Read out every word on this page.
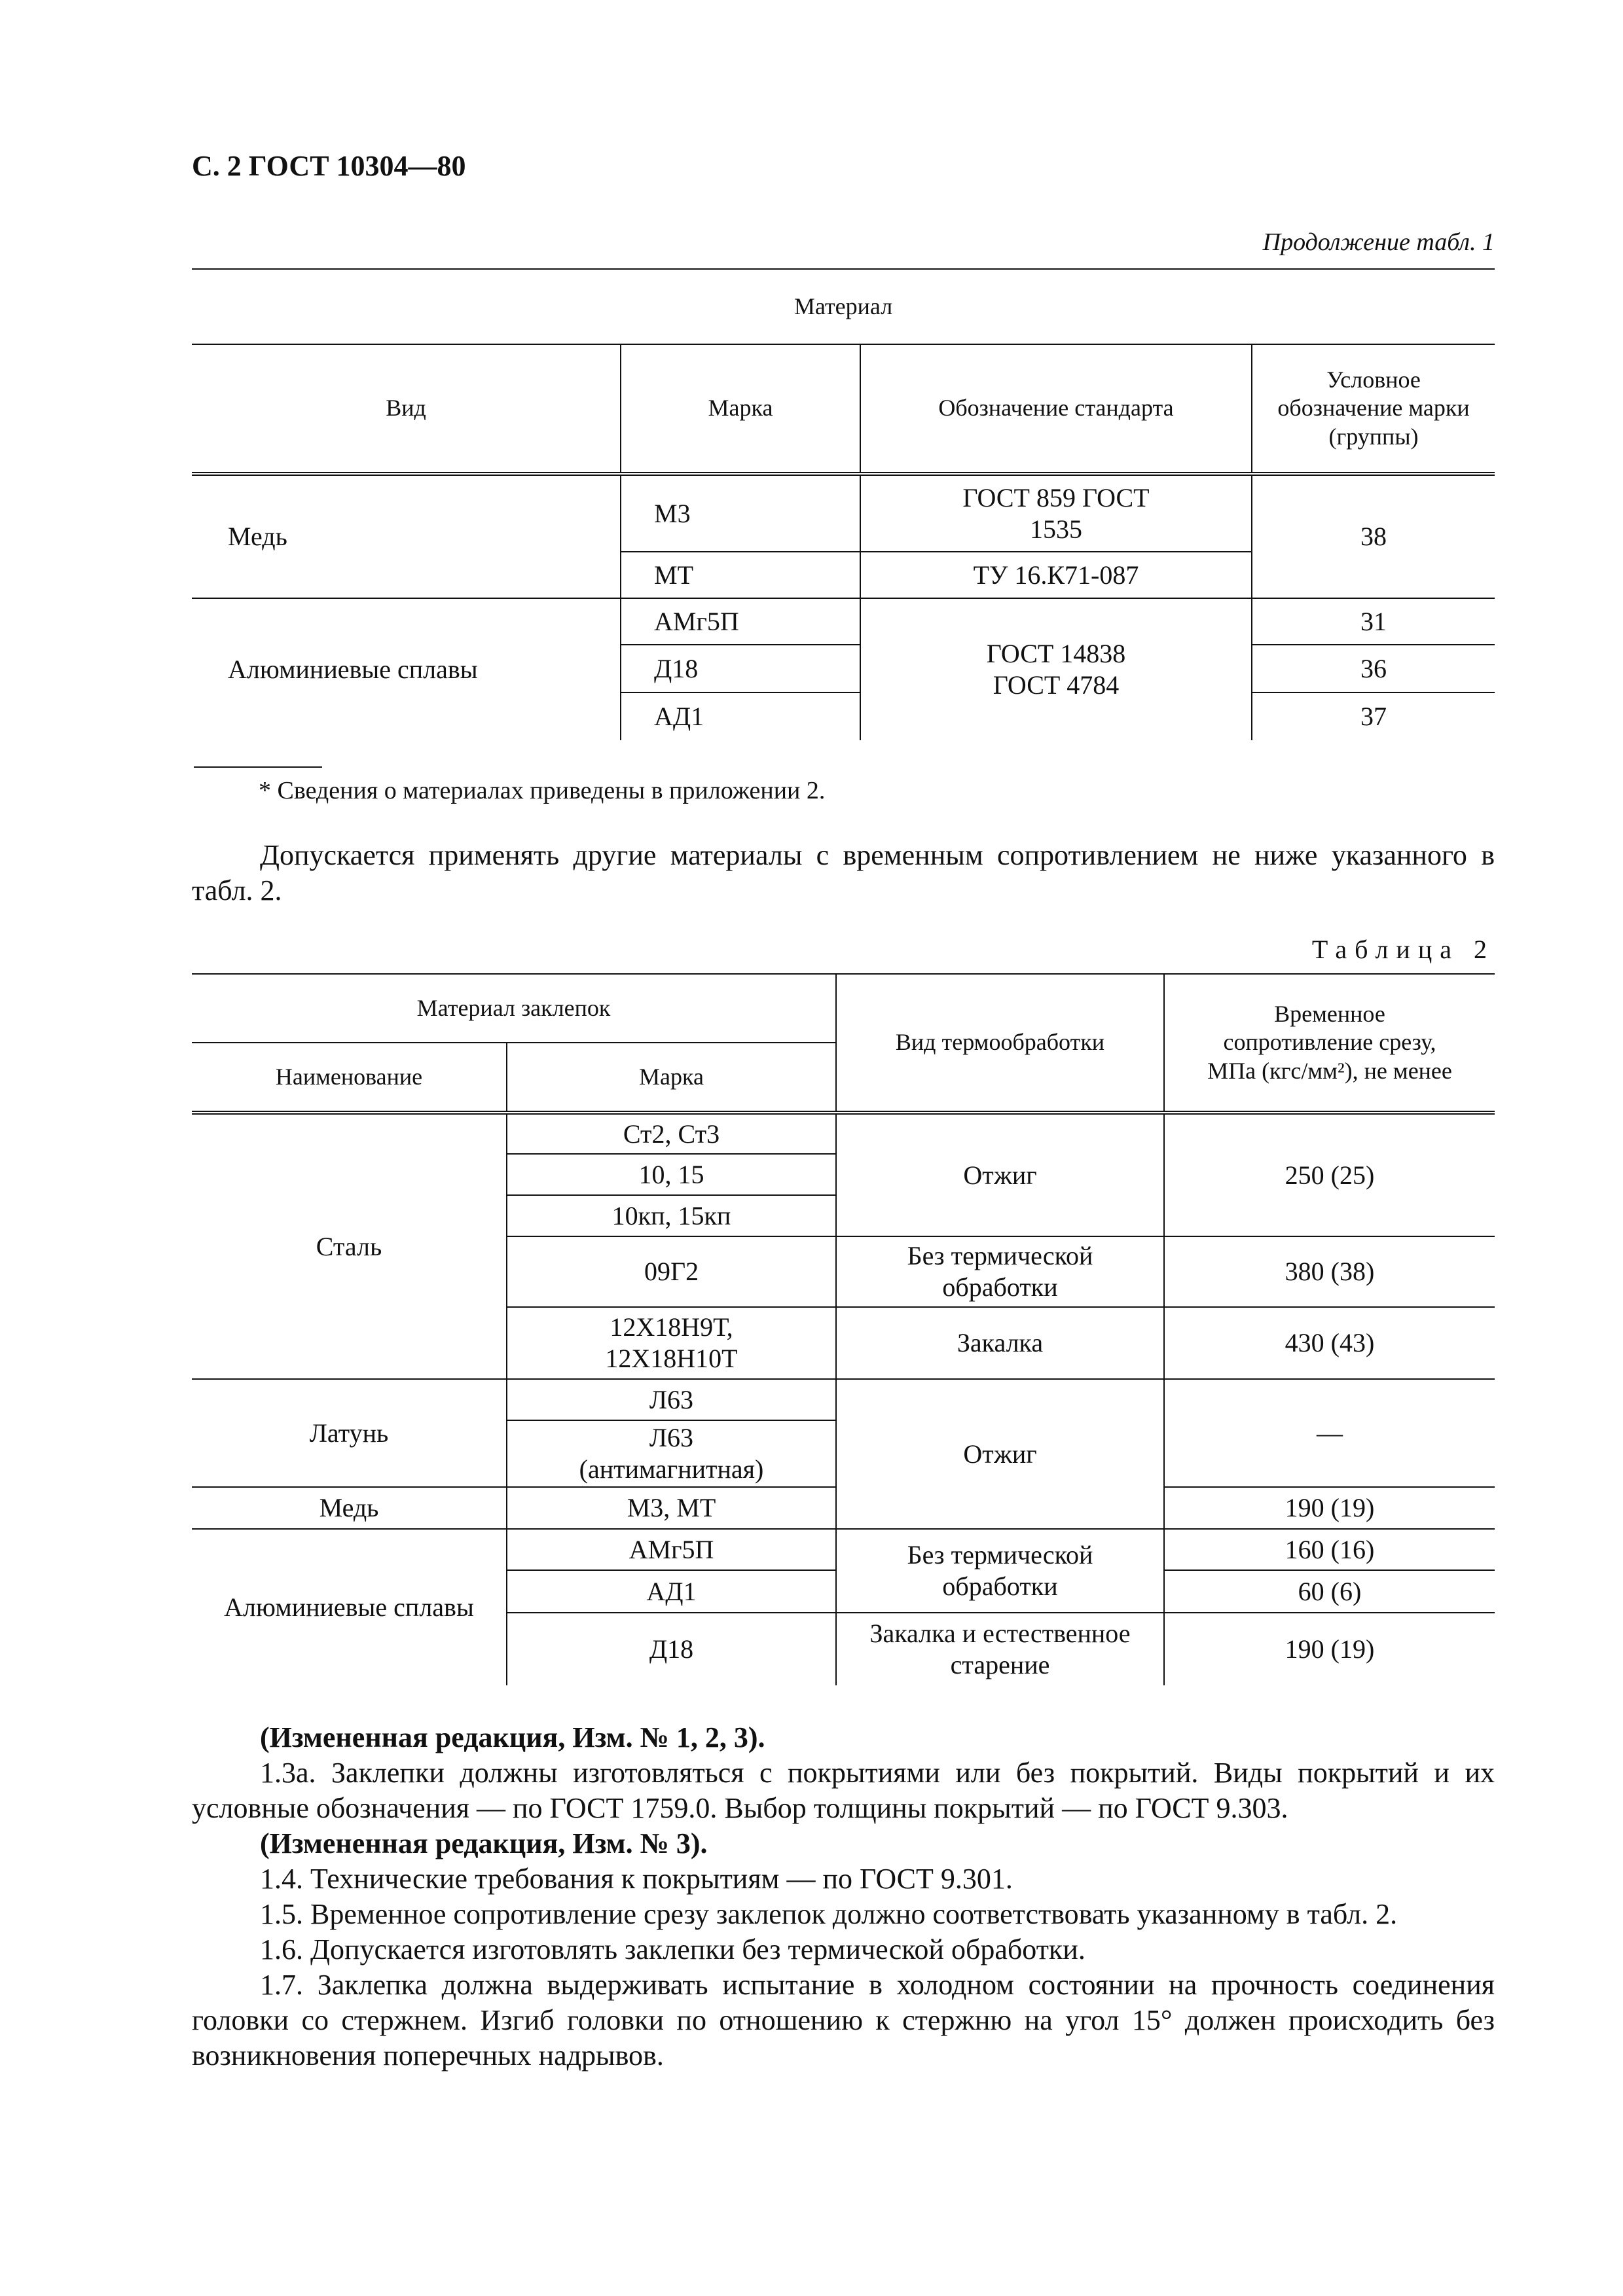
С. 2 ГОСТ 10304—80
Продолжение табл. 1
Материал			
Вид	Марка	Обозначение стандарта	Условное обозначение марки (группы)
Медь	М3	ГОСТ 859 ГОСТ 1535	38
	МТ	ТУ 16.К71-087	
Алюминиевые сплавы	АМг5П	ГОСТ 14838 ГОСТ 4784	31
	Д18		36
	АД1		37
* Сведения о материалах приведены в приложении 2.

Допускается применять другие материалы с временным сопротивлением не ниже указанного в табл. 2.

Таблица 2
Материал заклепок		Вид термообработки	Временное сопротивление срезу, МПа (кгс/мм²), не менее
Наименование	Марка		
Сталь	Ст2, Ст3	Отжиг	250 (25)
	10, 15		
	10кп, 15кп		
	09Г2	Без термической обработки	380 (38)
	12Х18Н9Т, 12Х18Н10Т	Закалка	430 (43)
Латунь	Л63	Отжиг	—
	Л63 (антимагнитная)		
Медь	М3, МТ		190 (19)
Алюминиевые сплавы	АМг5П	Без термической обработки	160 (16)
	АД1		60 (6)
	Д18	Закалка и естественное старение	190 (19)

(Измененная редакция, Изм. № 1, 2, 3).

1.3а. Заклепки должны изготовляться с покрытиями или без покрытий. Виды покрытий и их условные обозначения — по ГОСТ 1759.0. Выбор толщины покрытий — по ГОСТ 9.303.

(Измененная редакция, Изм. № 3).

1.4. Технические требования к покрытиям — по ГОСТ 9.301.

1.5. Временное сопротивление срезу заклепок должно соответствовать указанному в табл. 2.

1.6. Допускается изготовлять заклепки без термической обработки.

1.7. Заклепка должна выдерживать испытание в холодном состоянии на прочность соединения головки со стержнем. Изгиб головки по отношению к стержню на угол 15° должен происходить без возникновения поперечных надрывов.
